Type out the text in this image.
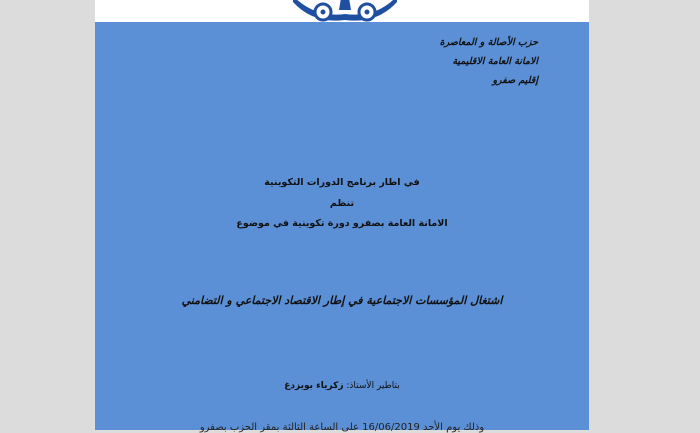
حزب الأصالة و المعاصرة
الامانة العامة الاقليمية
إقليم صفرو
في اطار برنامج الدورات التكوينية
تنظم
الامانة العامة بصفرو دورة تكوينية في موضوع
اشتغال المؤسسات الاجتماعية في إطار الاقتصاد الاجتماعي و التضامني
بتاطير الأستاذ: زكرياء بويزدغ
وذلك يوم الأحد 16/06/2019 على الساعة الثالثة بمقر الحزب بصفرو
